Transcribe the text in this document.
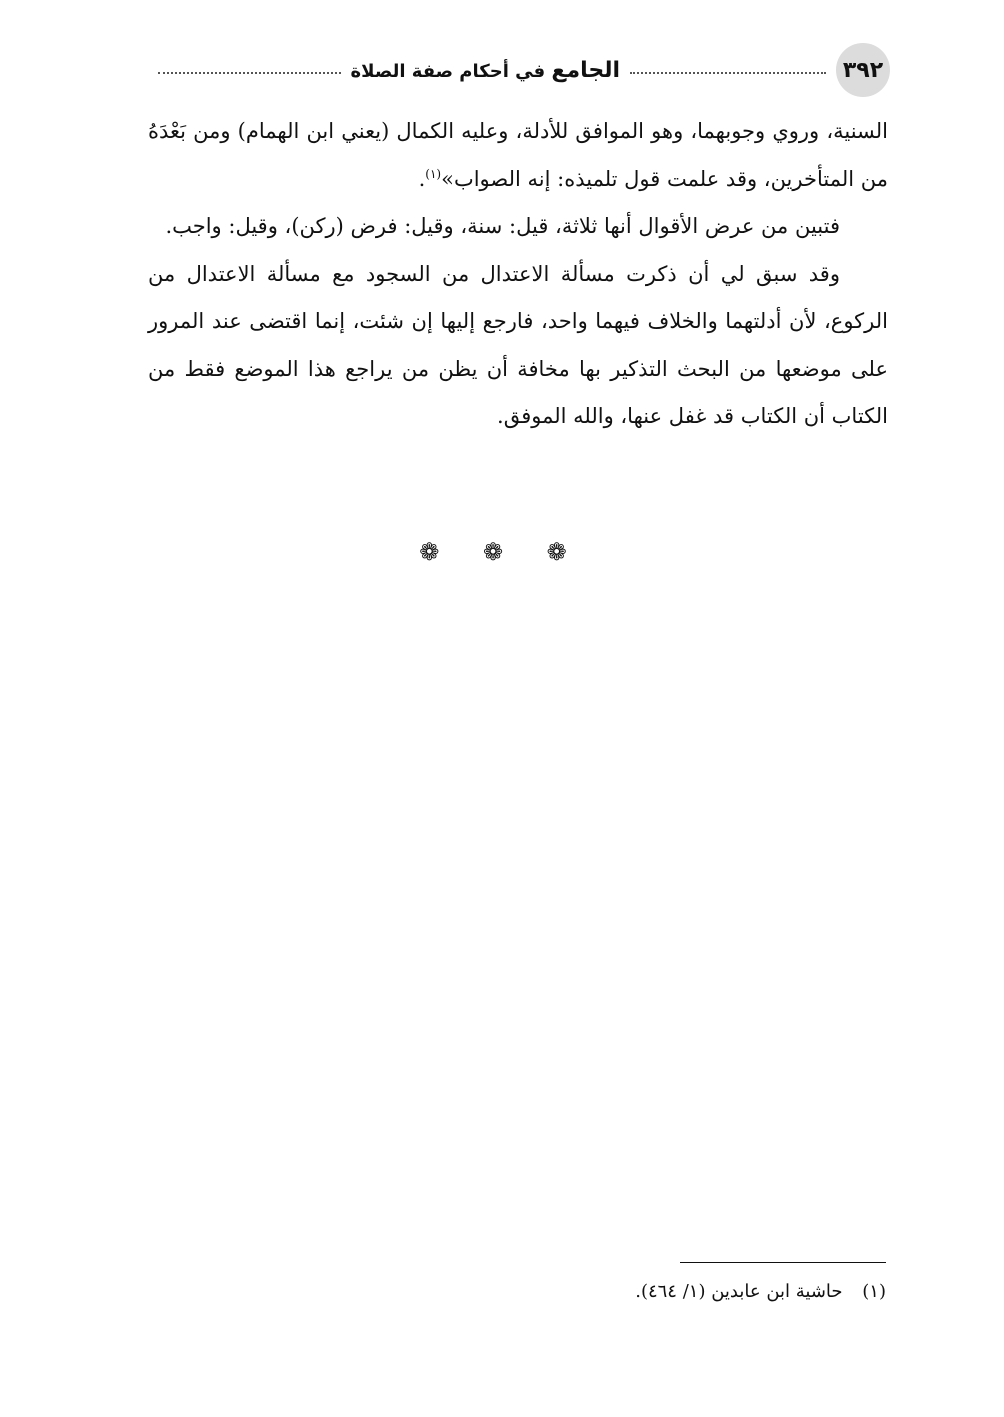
٣٩٢
الجامع في أحكام صفة الصلاة

السنية، وروي وجوبهما، وهو الموافق للأدلة، وعليه الكمال (يعني ابن الهمام) ومن بَعْدَهُ من المتأخرين، وقد علمت قول تلميذه: إنه الصواب»$^{(١)}$.

فتبين من عرض الأقوال أنها ثلاثة، قيل: سنة، وقيل: فرض (ركن)، وقيل: واجب.

وقد سبق لي أن ذكرت مسألة الاعتدال من السجود مع مسألة الاعتدال من الركوع، لأن أدلتهما والخلاف فيهما واحد، فارجع إليها إن شئت، إنما اقتضى عند المرور على موضعها من البحث التذكير بها مخافة أن يظن من يراجع هذا الموضع فقط من الكتاب أن الكتاب قد غفل عنها، والله الموفق.

❁ ❁ ❁
(١) حاشية ابن عابدين (١/ ٤٦٤).
